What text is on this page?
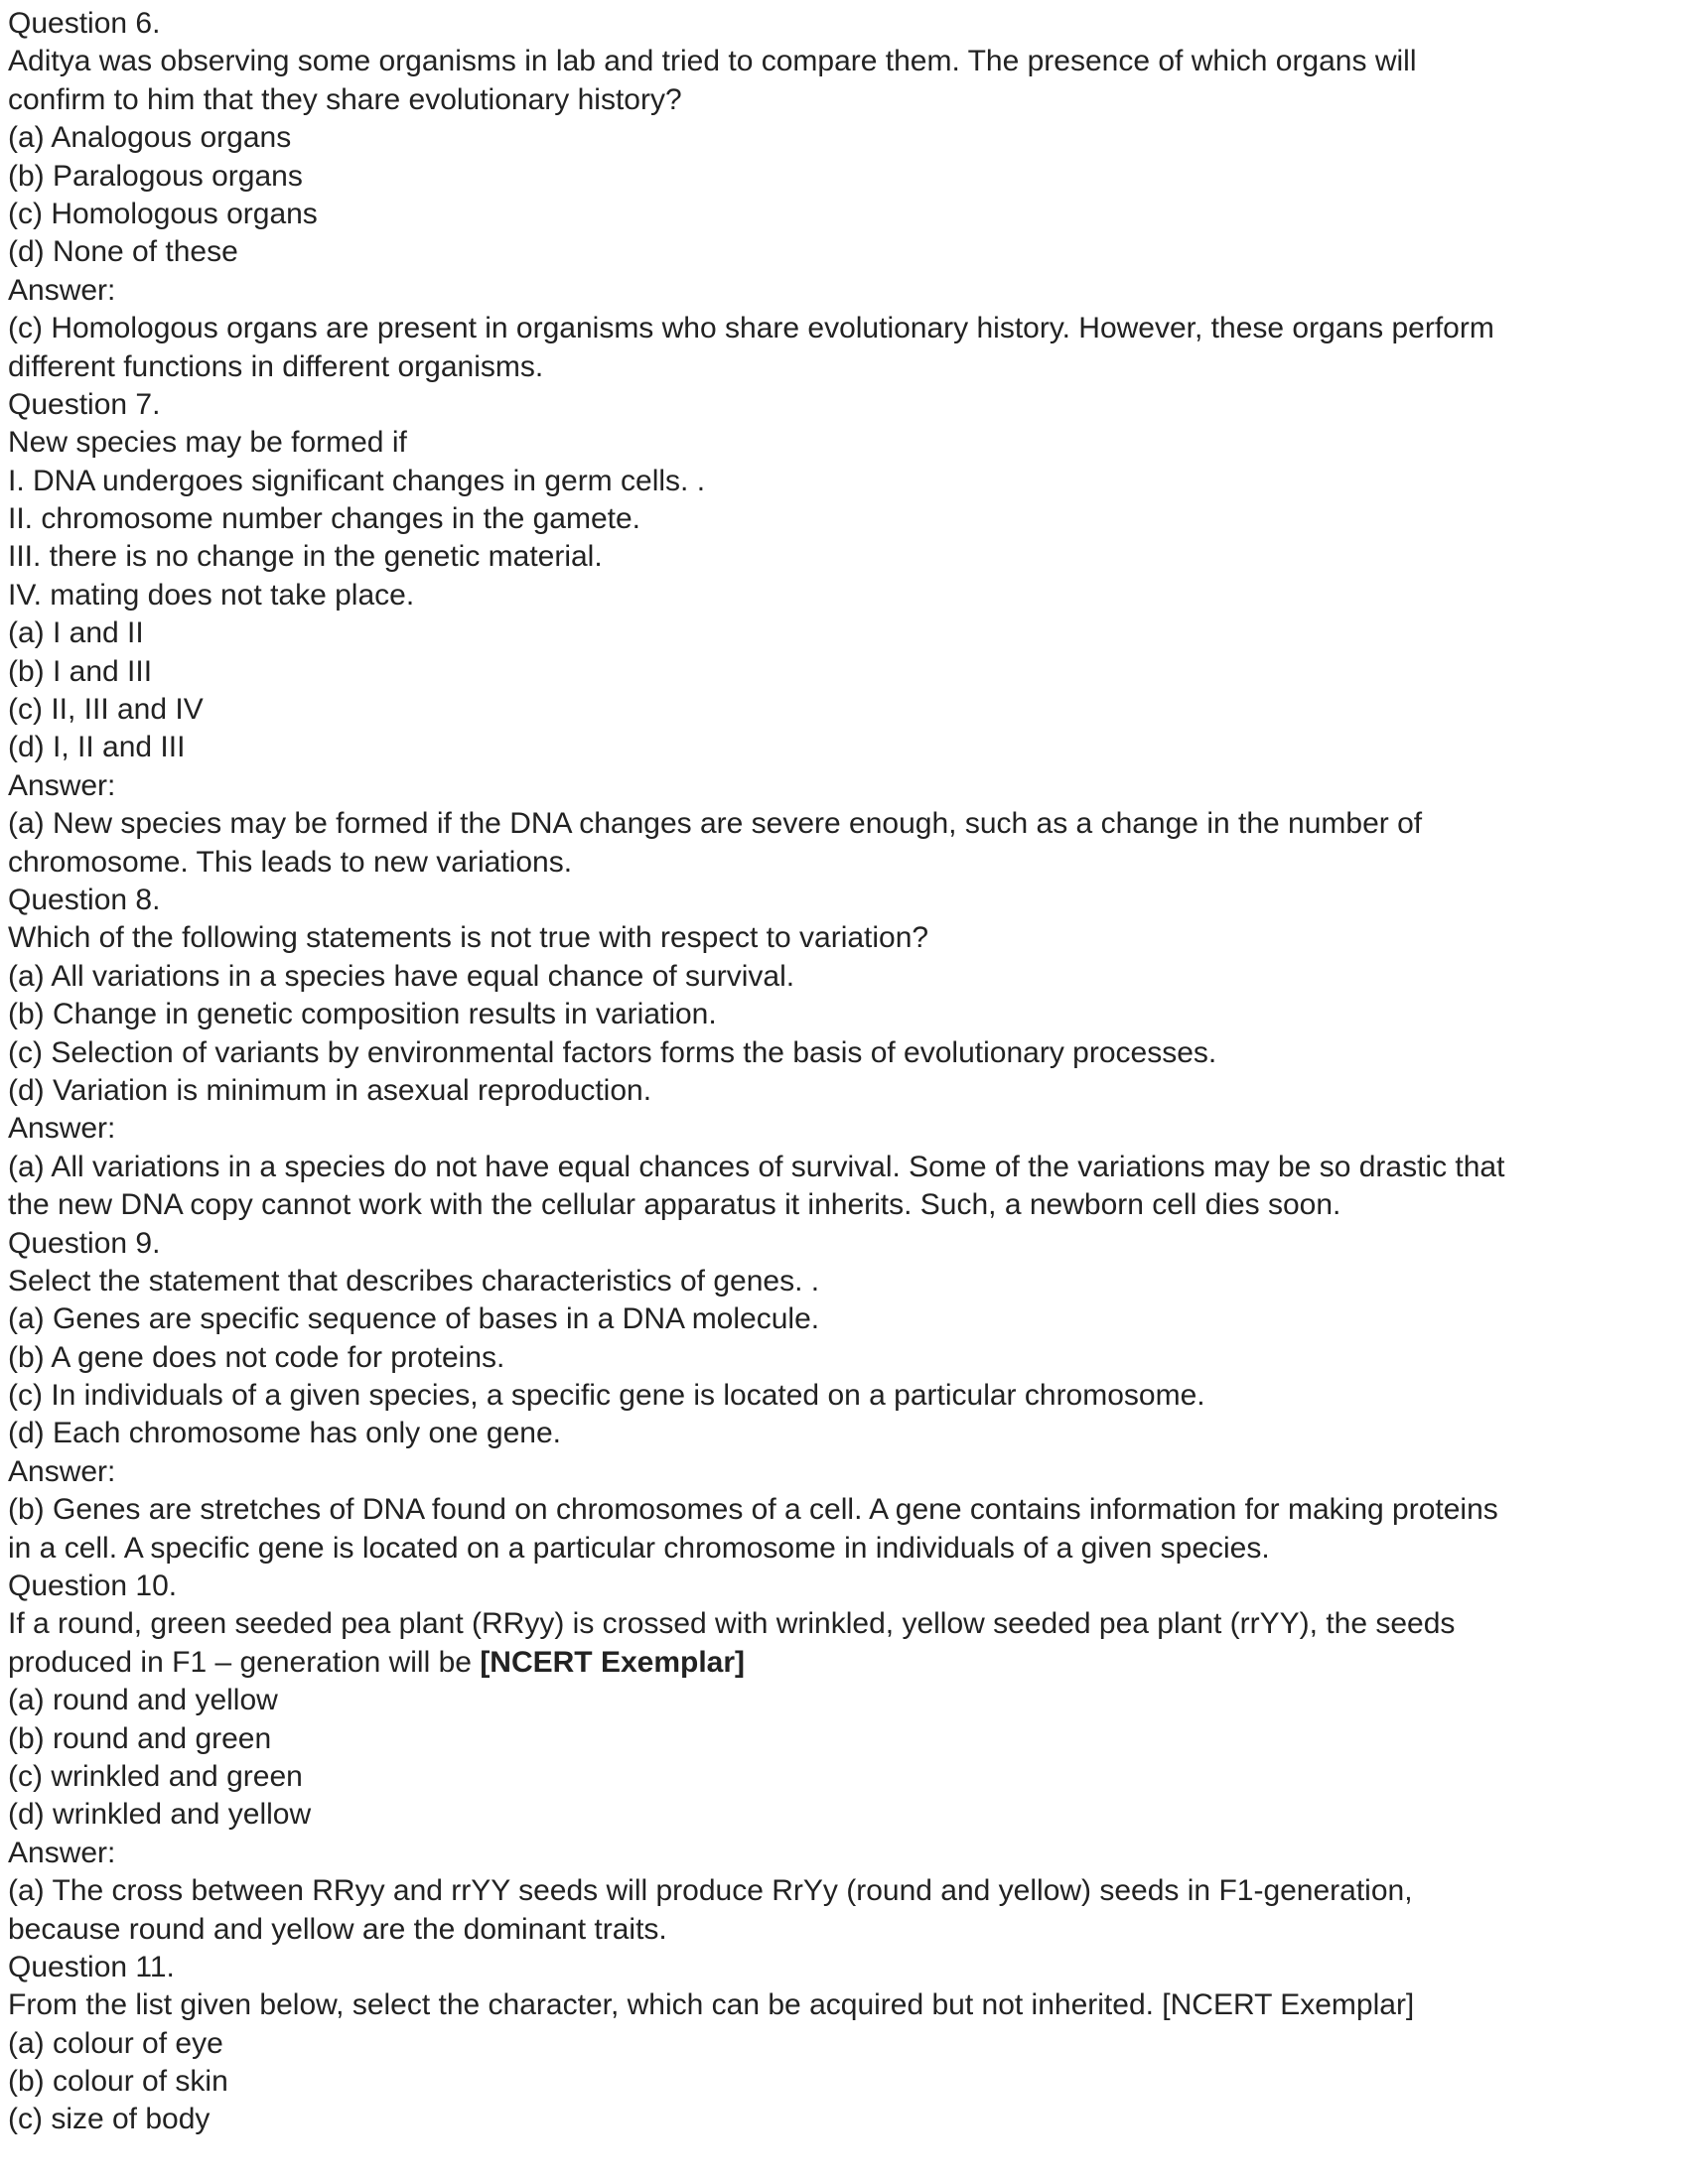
Question 6.
Aditya was observing some organisms in lab and tried to compare them. The presence of which organs will
confirm to him that they share evolutionary history?
(a) Analogous organs
(b) Paralogous organs
(c) Homologous organs
(d) None of these
Answer:
(c) Homologous organs are present in organisms who share evolutionary history. However, these organs perform
different functions in different organisms.
Question 7.
New species may be formed if
I. DNA undergoes significant changes in germ cells. .
II. chromosome number changes in the gamete.
III. there is no change in the genetic material.
IV. mating does not take place.
(a) I and II
(b) I and III
(c) II, III and IV
(d) I, II and III
Answer:
(a) New species may be formed if the DNA changes are severe enough, such as a change in the number of
chromosome. This leads to new variations.
Question 8.
Which of the following statements is not true with respect to variation?
(a) All variations in a species have equal chance of survival.
(b) Change in genetic composition results in variation.
(c) Selection of variants by environmental factors forms the basis of evolutionary processes.
(d) Variation is minimum in asexual reproduction.
Answer:
(a) All variations in a species do not have equal chances of survival. Some of the variations may be so drastic that
the new DNA copy cannot work with the cellular apparatus it inherits. Such, a newborn cell dies soon.
Question 9.
Select the statement that describes characteristics of genes. .
(a) Genes are specific sequence of bases in a DNA molecule.
(b) A gene does not code for proteins.
(c) In individuals of a given species, a specific gene is located on a particular chromosome.
(d) Each chromosome has only one gene.
Answer:
(b) Genes are stretches of DNA found on chromosomes of a cell. A gene contains information for making proteins
in a cell. A specific gene is located on a particular chromosome in individuals of a given species.
Question 10.
If a round, green seeded pea plant (RRyy) is crossed with wrinkled, yellow seeded pea plant (rrYY), the seeds
produced in F1 – generation will be [NCERT Exemplar]
(a) round and yellow
(b) round and green
(c) wrinkled and green
(d) wrinkled and yellow
Answer:
(a) The cross between RRyy and rrYY seeds will produce RrYy (round and yellow) seeds in F1-generation,
because round and yellow are the dominant traits.
Question 11.
From the list given below, select the character, which can be acquired but not inherited. [NCERT Exemplar]
(a) colour of eye
(b) colour of skin
(c) size of body
